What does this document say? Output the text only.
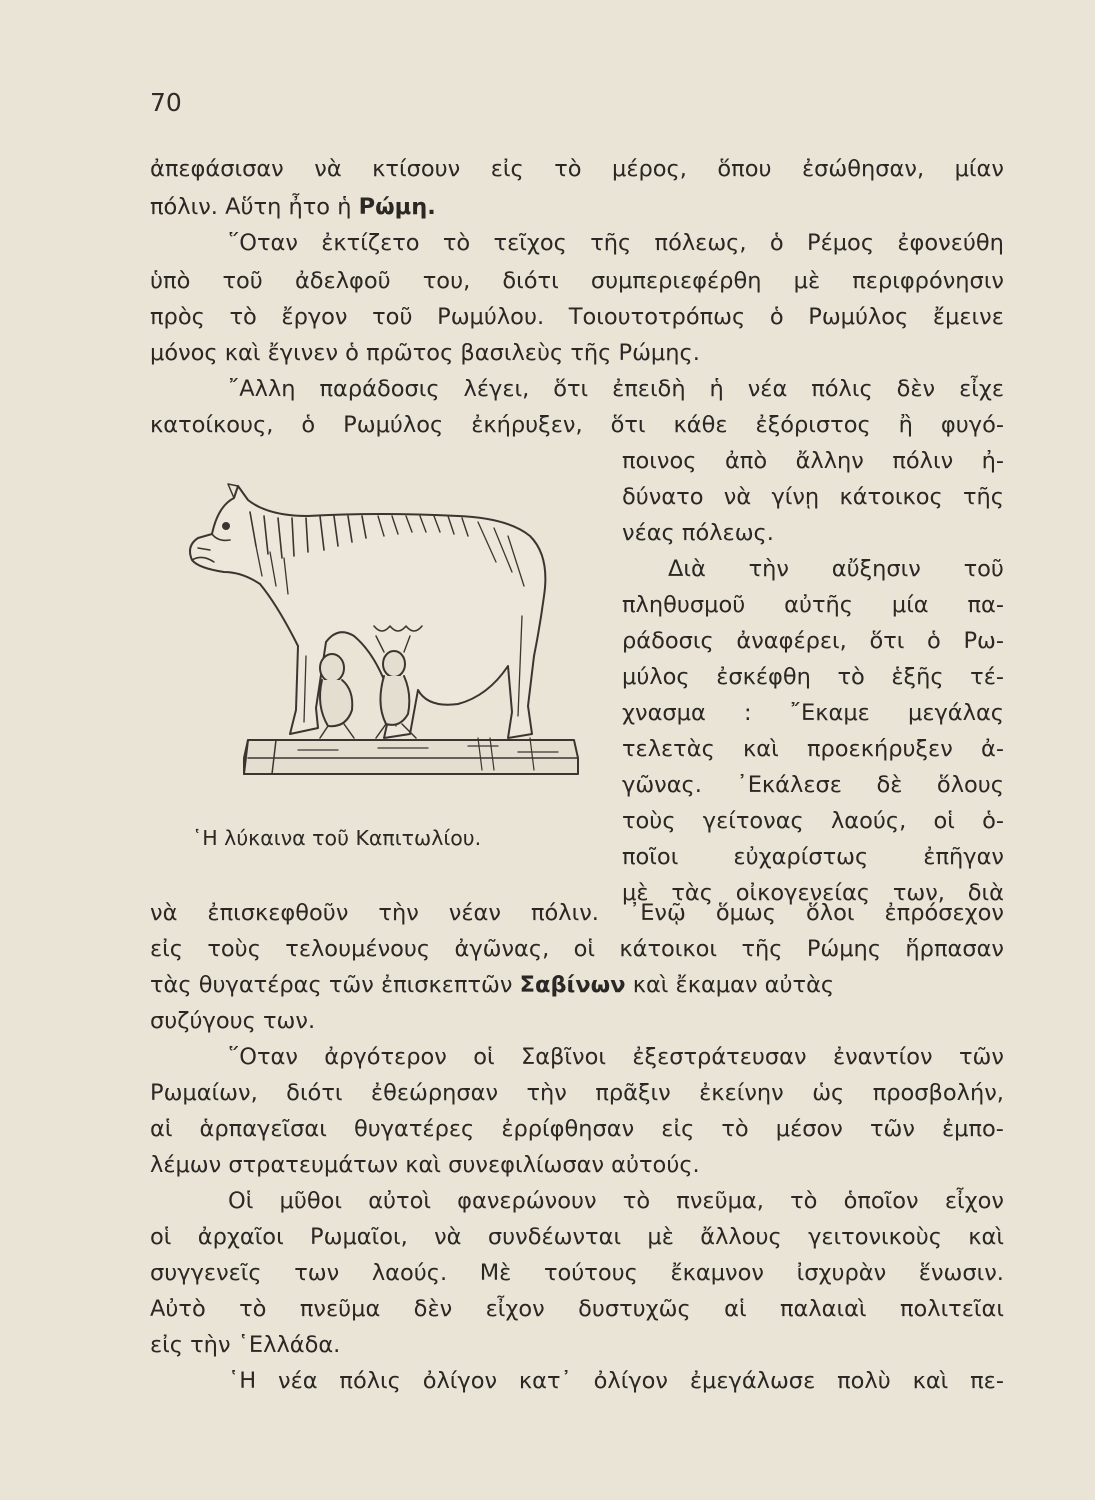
70
ἀπεφάσισαν νὰ κτίσουν εἰς τὸ μέρος, ὅπου ἐσώθησαν, μίαν
πόλιν. Αὕτη ἦτο ἡ Ρώμη.
῞Οταν ἐκτίζετο τὸ τεῖχος τῆς πόλεως, ὁ Ρέμος ἐφονεύθη
ὑπὸ τοῦ ἀδελφοῦ του, διότι συμπεριεφέρθη μὲ περιφρόνησιν
πρὸς τὸ ἔργον τοῦ Ρωμύλου. Τοιουτοτρόπως ὁ Ρωμύλος ἔμεινε
μόνος καὶ ἔγινεν ὁ πρῶτος βασιλεὺς τῆς Ρώμης.
῎Αλλη παράδοσις λέγει, ὅτι ἐπειδὴ ἡ νέα πόλις δὲν εἶχε
κατοίκους, ὁ Ρωμύλος ἐκήρυξεν, ὅτι κάθε ἐξόριστος ἢ φυγό-
ποινος ἀπὸ ἄλλην πόλιν ἠ-
δύνατο νὰ γίνῃ κάτοικος τῆς
νέας πόλεως.
Διὰ τὴν αὔξησιν τοῦ
πληθυσμοῦ αὐτῆς μία πα-
ράδοσις ἀναφέρει, ὅτι ὁ Ρω-
μύλος ἐσκέφθη τὸ ἑξῆς τέ-
χνασμα : ῎Εκαμε μεγάλας
τελετὰς καὶ προεκήρυξεν ἀ-
γῶνας. ᾿Εκάλεσε δὲ ὅλους
τοὺς γείτονας λαούς, οἱ ὁ-
ποῖοι εὐχαρίστως ἐπῆγαν
μὲ τὰς οἰκογενείας των, διὰ
῾Η λύκαινα τοῦ Καπιτωλίου.
νὰ ἐπισκεφθοῦν τὴν νέαν πόλιν. ᾿Ενῷ ὅμως ὅλοι ἐπρόσεχον
εἰς τοὺς τελουμένους ἀγῶνας, οἱ κάτοικοι τῆς Ρώμης ἥρπασαν
τὰς θυγατέρας τῶν ἐπισκεπτῶν Σαβίνων καὶ ἔκαμαν αὐτὰς
συζύγους των.
῞Οταν ἀργότερον οἱ Σαβῖνοι ἐξεστράτευσαν ἐναντίον τῶν
Ρωμαίων, διότι ἐθεώρησαν τὴν πρᾶξιν ἐκείνην ὡς προσβολήν,
αἱ ἁρπαγεῖσαι θυγατέρες ἐρρίφθησαν εἰς τὸ μέσον τῶν ἐμπο-
λέμων στρατευμάτων καὶ συνεφιλίωσαν αὐτούς.
Οἱ μῦθοι αὐτοὶ φανερώνουν τὸ πνεῦμα, τὸ ὁποῖον εἶχον
οἱ ἀρχαῖοι Ρωμαῖοι, νὰ συνδέωνται μὲ ἄλλους γειτονικοὺς καὶ
συγγενεῖς των λαούς. Μὲ τούτους ἔκαμνον ἰσχυρὰν ἕνωσιν.
Αὐτὸ τὸ πνεῦμα δὲν εἶχον δυστυχῶς αἱ παλαιαὶ πολιτεῖαι
εἰς τὴν ῾Ελλάδα.
῾Η νέα πόλις ὀλίγον κατ᾿ ὀλίγον ἐμεγάλωσε πολὺ καὶ πε-
